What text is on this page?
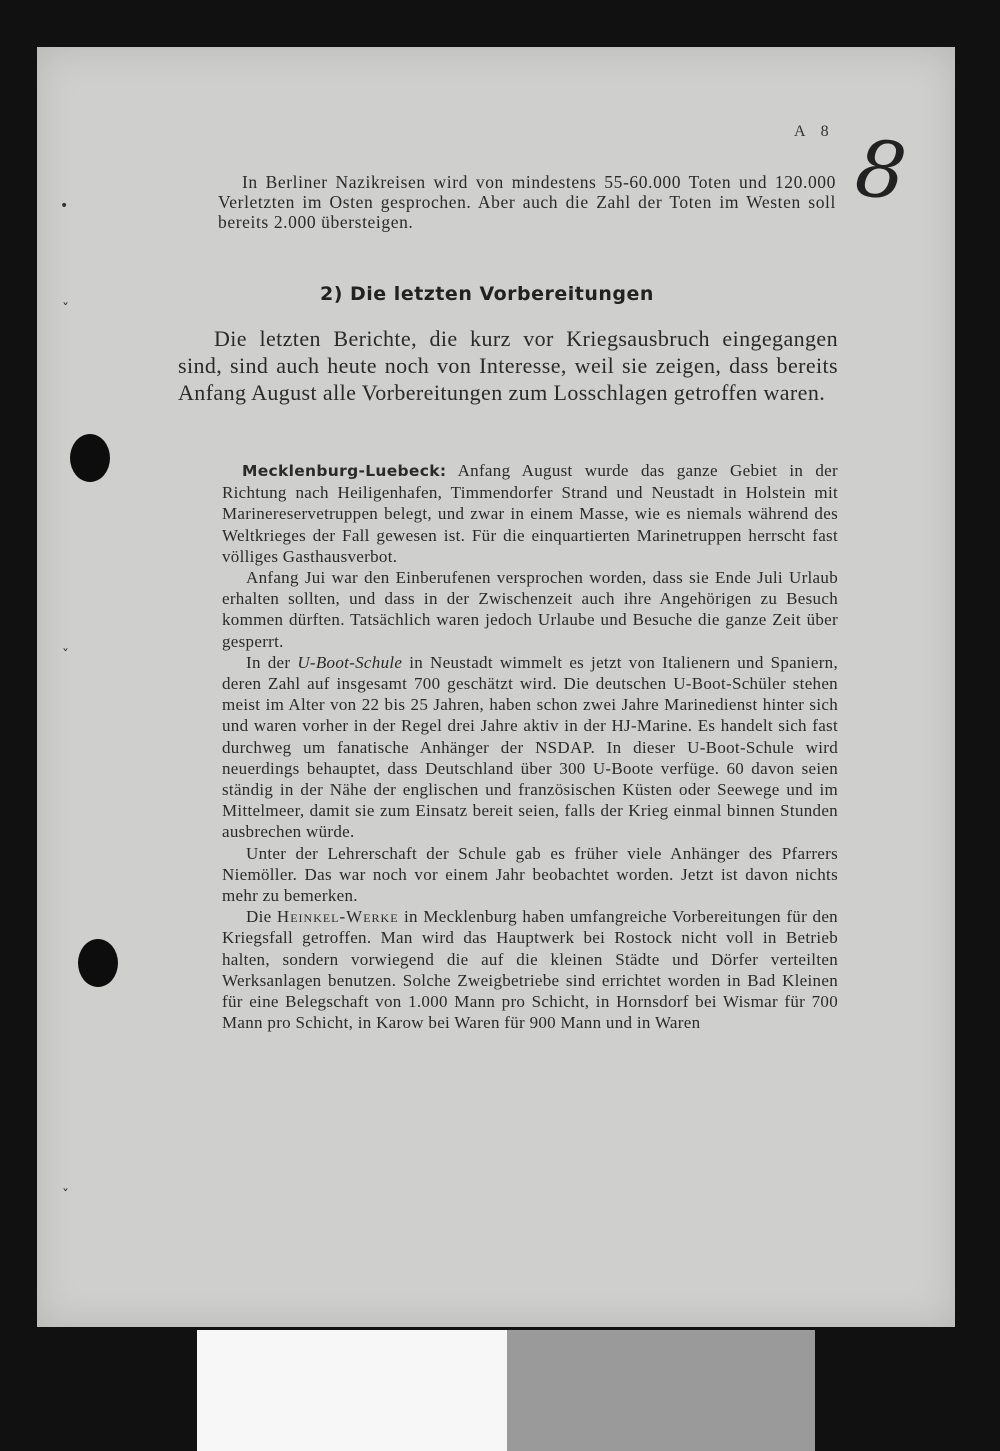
•
ˇ
ˇ
ˇ
A 8 8

In Berliner Nazikreisen wird von mindestens 55-60.000 Toten und 120.000 Verletzten im Osten gesprochen. Aber auch die Zahl der Toten im Westen soll bereits 2.000 übersteigen.

2) Die letzten Vorbereitungen

Die letzten Berichte, die kurz vor Kriegsausbruch eingegangen sind, sind auch heute noch von Interesse, weil sie zeigen, dass bereits Anfang August alle Vorbereitungen zum Losschlagen getroffen waren.

Mecklenburg-Luebeck: Anfang August wurde das ganze Gebiet in der Richtung nach Heiligenhafen, Timmendorfer Strand und Neustadt in Holstein mit Marinereservetruppen belegt, und zwar in einem Masse, wie es niemals während des Weltkrieges der Fall gewesen ist. Für die einquartierten Marinetruppen herrscht fast völliges Gasthausverbot.

Anfang Jui war den Einberufenen versprochen worden, dass sie Ende Juli Urlaub erhalten sollten, und dass in der Zwischenzeit auch ihre Angehörigen zu Besuch kommen dürften. Tatsächlich waren jedoch Urlaube und Besuche die ganze Zeit über gesperrt.

In der U-Boot-Schule in Neustadt wimmelt es jetzt von Italienern und Spaniern, deren Zahl auf insgesamt 700 geschätzt wird. Die deutschen U-Boot-Schüler stehen meist im Alter von 22 bis 25 Jahren, haben schon zwei Jahre Marinedienst hinter sich und waren vorher in der Regel drei Jahre aktiv in der HJ-Marine. Es handelt sich fast durchweg um fanatische Anhänger der NSDAP. In dieser U-Boot-Schule wird neuerdings behauptet, dass Deutschland über 300 U-Boote verfüge. 60 davon seien ständig in der Nähe der englischen und französischen Küsten oder Seewege und im Mittelmeer, damit sie zum Einsatz bereit seien, falls der Krieg einmal binnen Stunden ausbrechen würde.

Unter der Lehrerschaft der Schule gab es früher viele Anhänger des Pfarrers Niemöller. Das war noch vor einem Jahr beobachtet worden. Jetzt ist davon nichts mehr zu bemerken.

Die Heinkel-Werke in Mecklenburg haben umfangreiche Vorbereitungen für den Kriegsfall getroffen. Man wird das Hauptwerk bei Rostock nicht voll in Betrieb halten, sondern vorwiegend die auf die kleinen Städte und Dörfer verteilten Werksanlagen benutzen. Solche Zweigbetriebe sind errichtet worden in Bad Kleinen für eine Belegschaft von 1.000 Mann pro Schicht, in Hornsdorf bei Wismar für 700 Mann pro Schicht, in Karow bei Waren für 900 Mann und in Waren
